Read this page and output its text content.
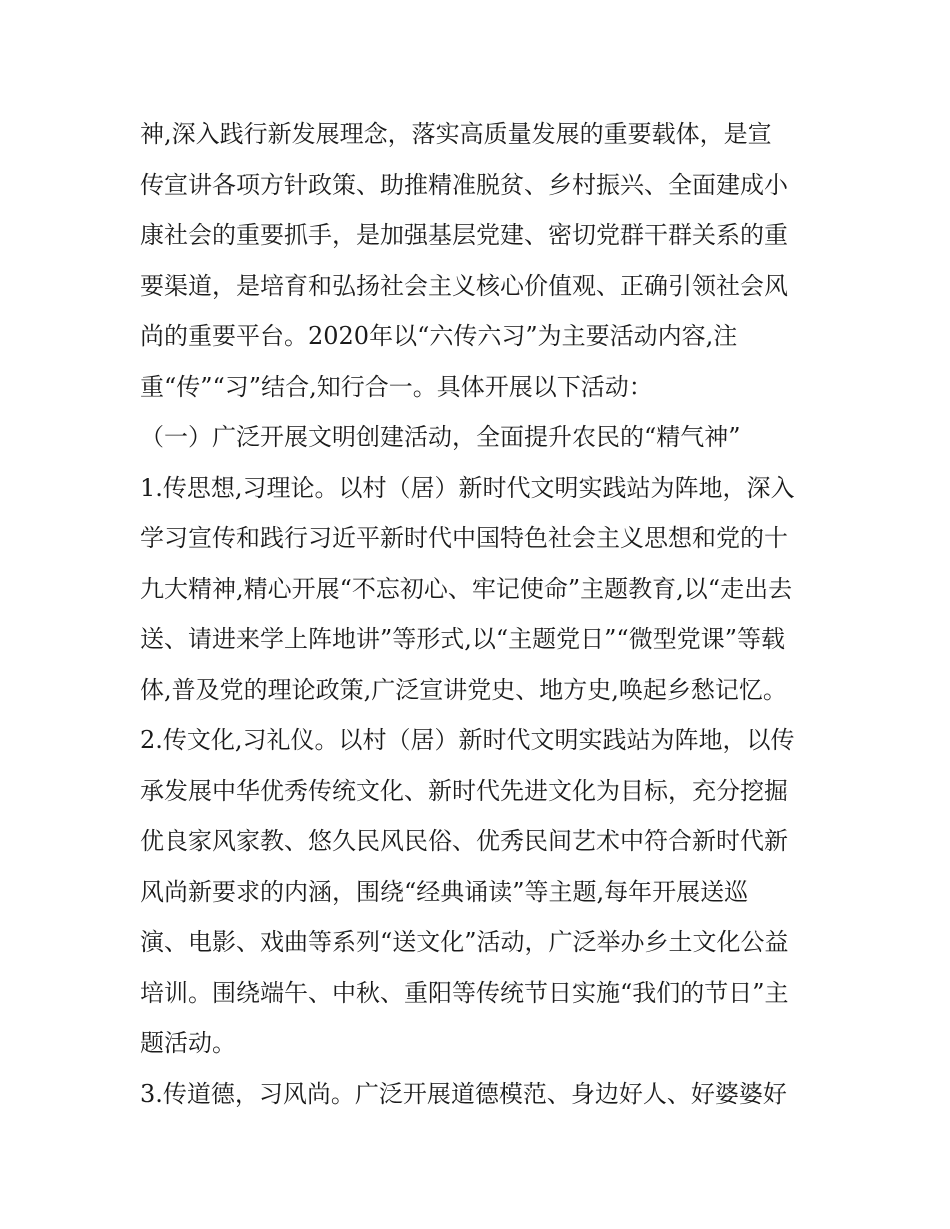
神,深入践行新发展理念，落实高质量发展的重要载体，是宣
传宣讲各项方针政策、助推精准脱贫、乡村振兴、全面建成小
康社会的重要抓手，是加强基层党建、密切党群干群关系的重
要渠道，是培育和弘扬社会主义核心价值观、正确引领社会风
尚的重要平台。2020年以“六传六习”为主要活动内容,注
重“传”“习”结合,知行合一。具体开展以下活动：
（一）广泛开展文明创建活动，全面提升农民的“精气神”
1.传思想,习理论。以村（居）新时代文明实践站为阵地，深入
学习宣传和践行习近平新时代中国特色社会主义思想和党的十
九大精神,精心开展“不忘初心、牢记使命”主题教育,以“走出去
送、请进来学上阵地讲”等形式,以“主题党日”“微型党课”等载
体,普及党的理论政策,广泛宣讲党史、地方史,唤起乡愁记忆。
2.传文化,习礼仪。以村（居）新时代文明实践站为阵地，以传
承发展中华优秀传统文化、新时代先进文化为目标，充分挖掘
优良家风家教、悠久民风民俗、优秀民间艺术中符合新时代新
风尚新要求的内涵，围绕“经典诵读”等主题,每年开展送巡
演、电影、戏曲等系列“送文化”活动，广泛举办乡土文化公益
培训。围绕端午、中秋、重阳等传统节日实施“我们的节日”主
题活动。
3.传道德，习风尚。广泛开展道德模范、身边好人、好婆婆好
